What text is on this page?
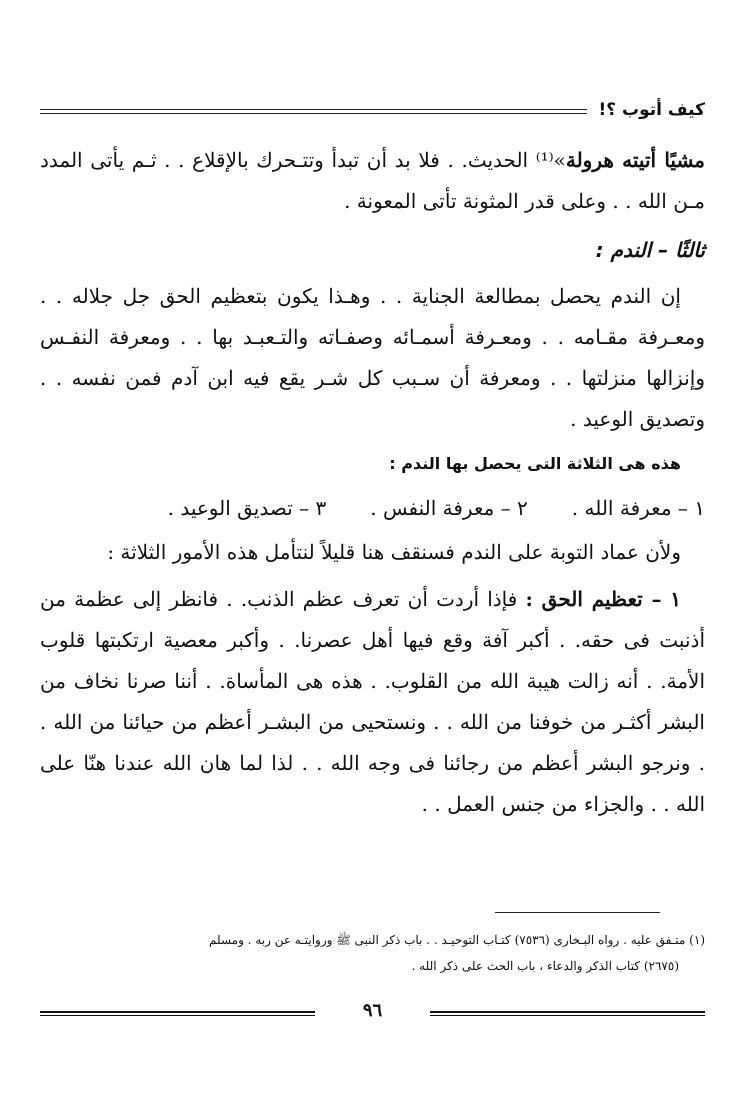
كيف أتوب ؟!

مشيًا أتيته هرولة»⁽¹⁾ الحديث. . فلا بد أن تبدأ وتتـحرك بالإقلاع . . ثـم يأتى المدد مـن الله . . وعلى قدر المثونة تأتى المعونة .

ثالثًا – الندم :

إن الندم يحصل بمطالعة الجناية . . وهـذا يكون بتعظيم الحق جل جلاله . . ومعـرفة مقـامه . . ومعـرفة أسمـائه وصفـاته والتـعبـد بها . . ومعرفة النفـس وإنزالها منزلتها . . ومعرفة أن سـبب كل شـر يقع فيه ابن آدم فمن نفسه . . وتصديق الوعيد .

هذه هى الثلاثة التى يحصل بها الندم :
١ – معرفة الله .
٢ – معرفة النفس .
٣ – تصديق الوعيد .

ولأن عماد التوبة على الندم فسنقف هنا قليلاً لنتأمل هذه الأمور الثلاثة :

١ – تعظيم الحق : فإذا أردت أن تعرف عظم الذنب. . فانظر إلى عظمة من أذنبت فى حقه. . أكبر آفة وقع فيها أهل عصرنا. . وأكبر معصية ارتكبتها قلوب الأمة. . أنه زالت هيبة الله من القلوب. . هذه هى المأساة. . أننا صرنا نخاف من البشر أكثـر من خوفنا من الله . . ونستحيى من البشـر أعظم من حيائنا من الله . . ونرجو البشر أعظم من رجائنا فى وجه الله . . لذا لما هان الله عندنا هنّا على الله . . والجزاء من جنس العمل . .

(١) متـفق عليه . رواه البـخارى (٧٥٣٦) كتـاب التوحيـد . . باب ذكر النبى ﷺ وروايتـه عن ربه . ومسلم
(٢٦٧٥) كتاب الذكر والدعاء ، باب الحث على ذكر الله .
٩٦
